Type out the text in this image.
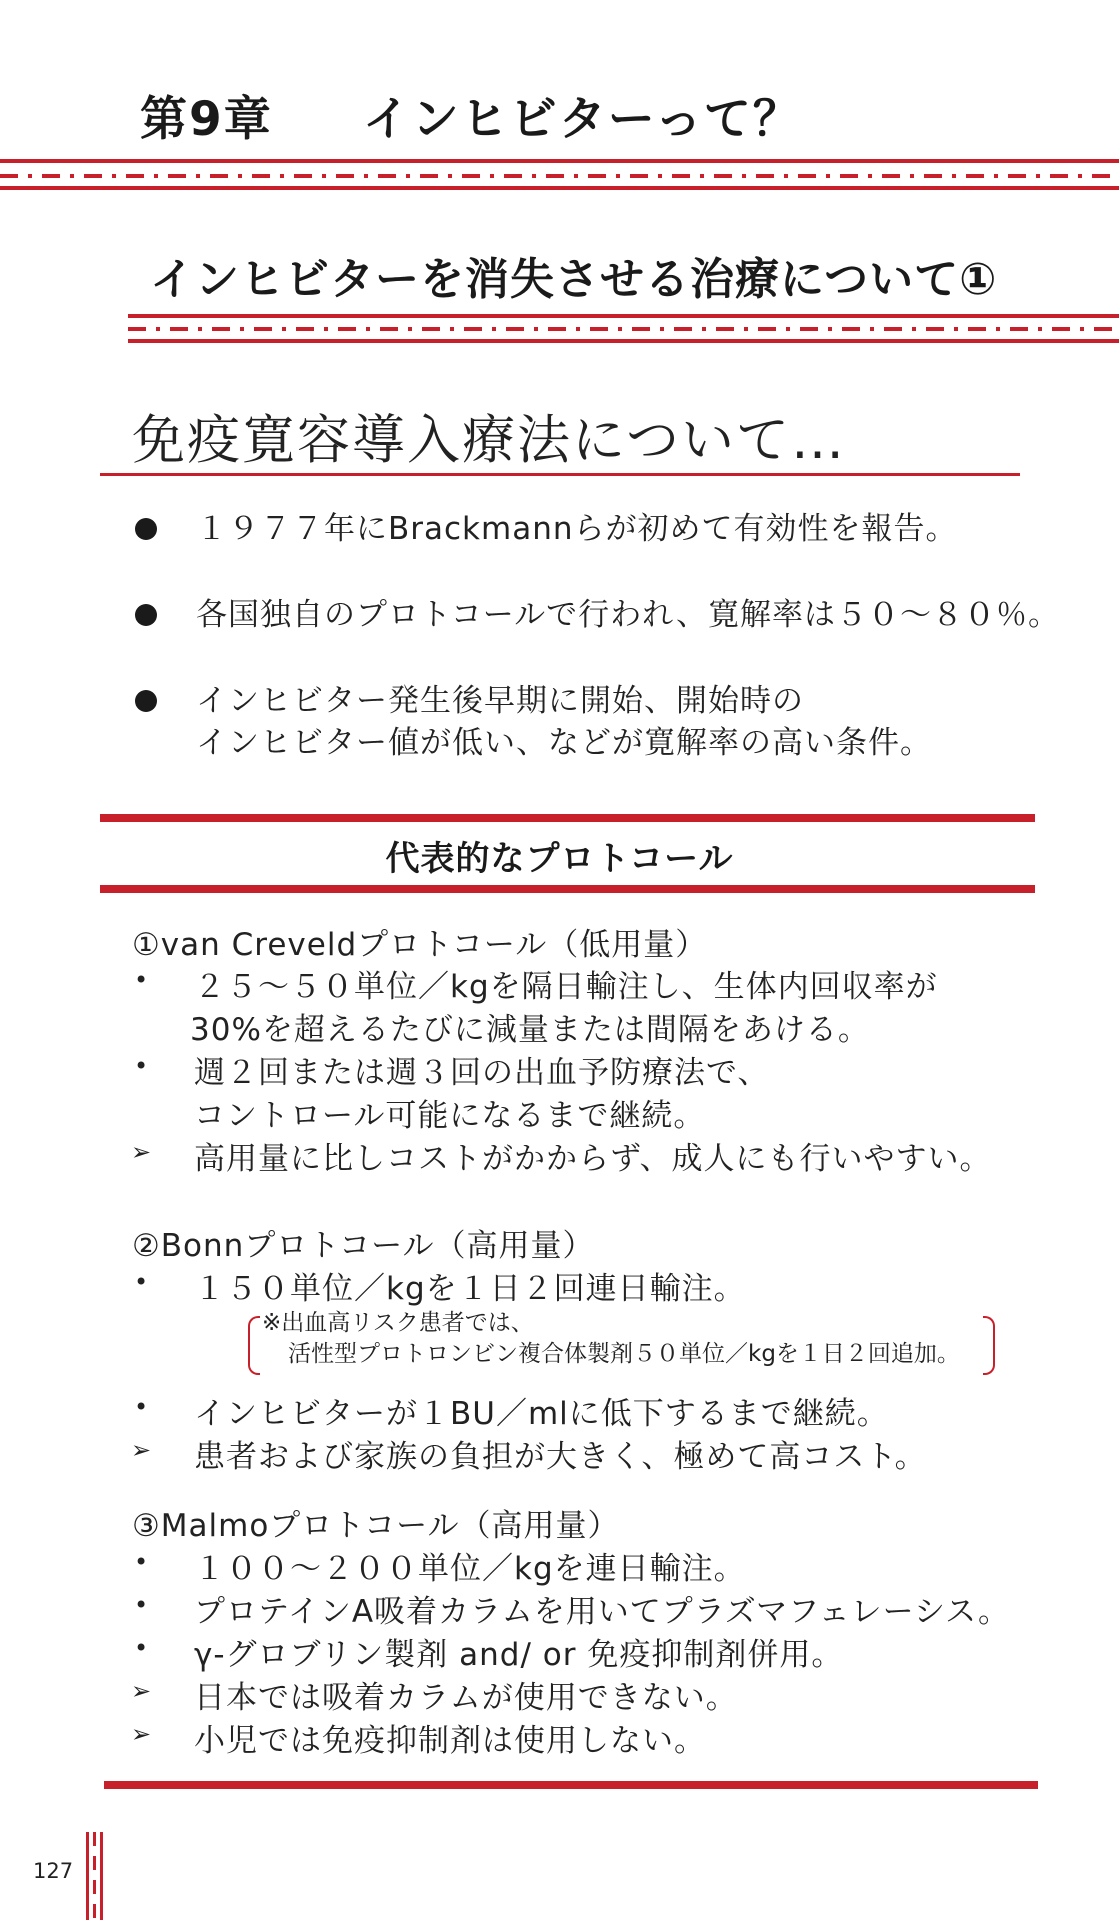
第9章 インヒビターって？
インヒビターを消失させる治療について①
免疫寛容導入療法について…
１９７７年にBrackmannらが初めて有効性を報告。
各国独自のプロトコールで行われ、寛解率は５０～８０％。
インヒビター発生後早期に開始、開始時の
インヒビター値が低い、などが寛解率の高い条件。
代表的なプロトコール
①van Creveldプロトコール（低用量）
• ２５～５０単位／kgを隔日輸注し、生体内回収率が
30%を超えるたびに減量または間隔をあける。
• 週２回または週３回の出血予防療法で、
コントロール可能になるまで継続。
➢ 高用量に比しコストがかからず、成人にも行いやすい。
②Bonnプロトコール（高用量）
• １５０単位／kgを１日２回連日輸注。
※出血高リスク患者では、
活性型プロトロンビン複合体製剤５０単位／kgを１日２回追加。
• インヒビターが１BU／mlに低下するまで継続。
➢ 患者および家族の負担が大きく、極めて高コスト。
③Malmoプロトコール（高用量）
• １００～２００単位／kgを連日輸注。
• プロテインA吸着カラムを用いてプラズマフェレーシス。
• γ-グロブリン製剤 and/ or 免疫抑制剤併用。
➢ 日本では吸着カラムが使用できない。
➢ 小児では免疫抑制剤は使用しない。
127
